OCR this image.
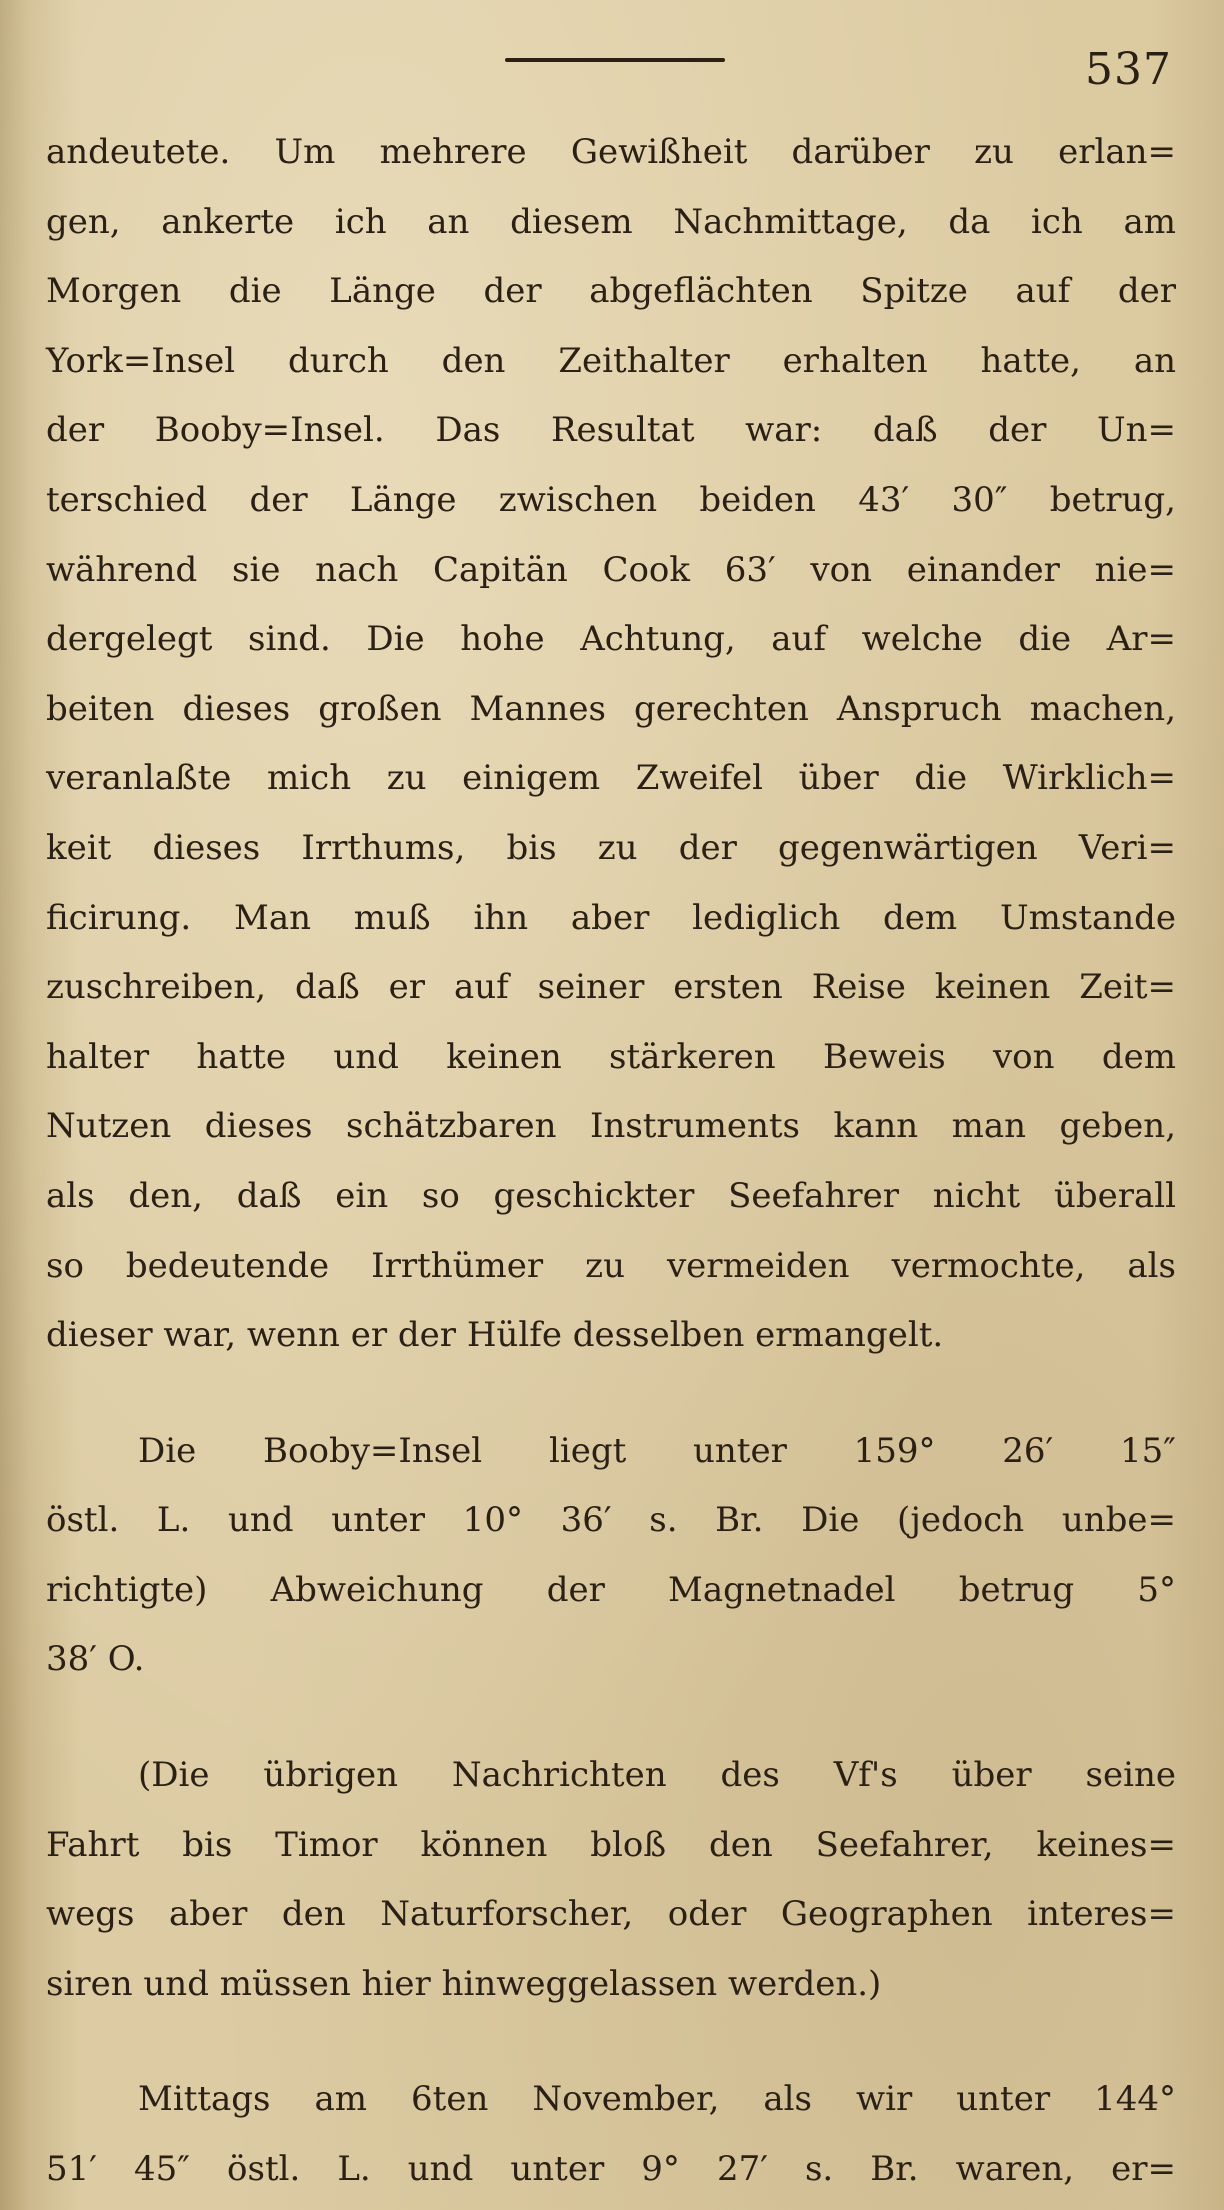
537
andeutete. Um mehrere Gewißheit darüber zu erlan=
gen, ankerte ich an diesem Nachmittage, da ich am
Morgen die Länge der abgeflächten Spitze auf der
York=Insel durch den Zeithalter erhalten hatte, an
der Booby=Insel. Das Resultat war: daß der Un=
terschied der Länge zwischen beiden 43′ 30″ betrug,
während sie nach Capitän Cook 63′ von einander nie=
dergelegt sind. Die hohe Achtung, auf welche die Ar=
beiten dieses großen Mannes gerechten Anspruch machen,
veranlaßte mich zu einigem Zweifel über die Wirklich=
keit dieses Irrthums, bis zu der gegenwärtigen Veri=
ficirung. Man muß ihn aber lediglich dem Umstande
zuschreiben, daß er auf seiner ersten Reise keinen Zeit=
halter hatte und keinen stärkeren Beweis von dem
Nutzen dieses schätzbaren Instruments kann man geben,
als den, daß ein so geschickter Seefahrer nicht überall
so bedeutende Irrthümer zu vermeiden vermochte, als
dieser war, wenn er der Hülfe desselben ermangelt.
Die Booby=Insel liegt unter 159° 26′ 15″
östl. L. und unter 10° 36′ s. Br. Die (jedoch unbe=
richtigte) Abweichung der Magnetnadel betrug 5°
38′ O.
(Die übrigen Nachrichten des Vf's über seine
Fahrt bis Timor können bloß den Seefahrer, keines=
wegs aber den Naturforscher, oder Geographen interes=
siren und müssen hier hinweggelassen werden.)
Mittags am 6ten November, als wir unter 144°
51′ 45″ östl. L. und unter 9° 27′ s. Br. waren, er=
